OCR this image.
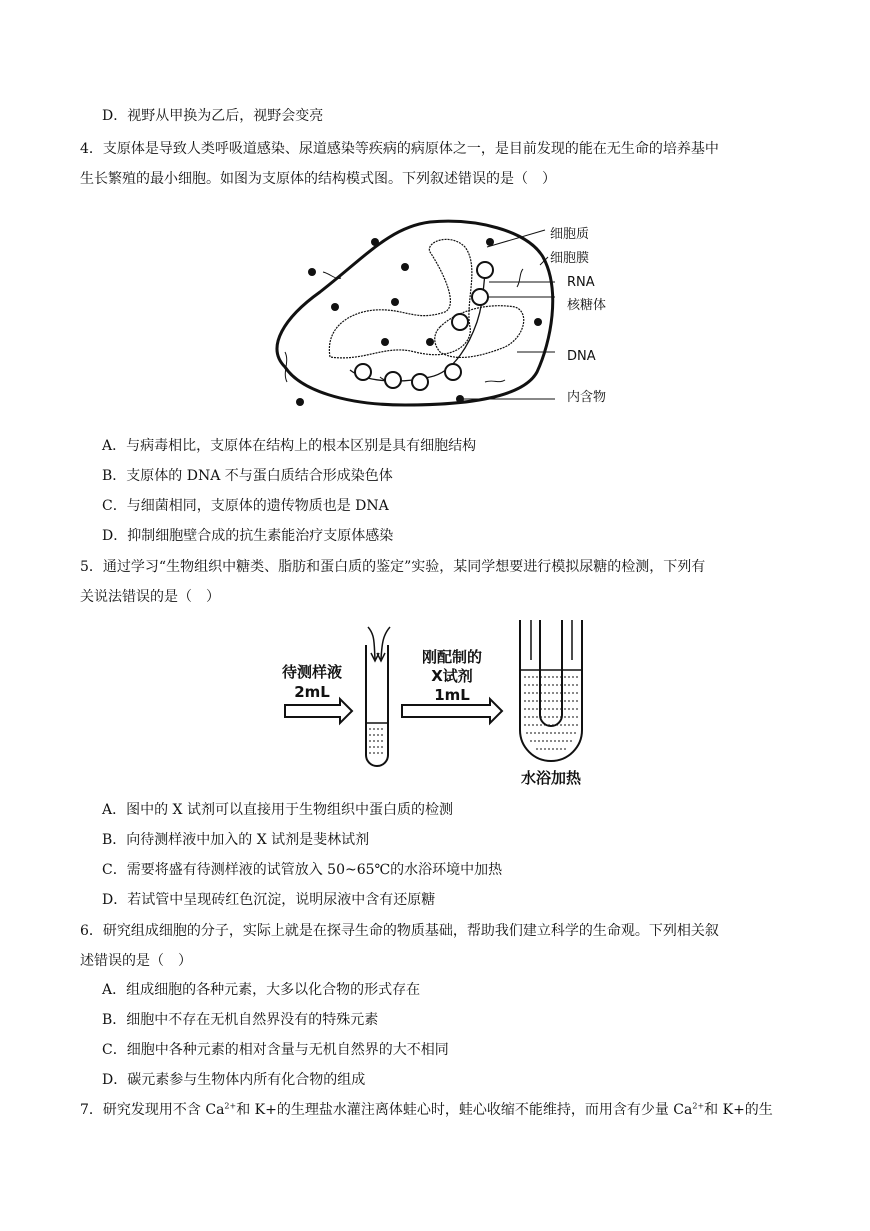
D．视野从甲换为乙后，视野会变亮
4．支原体是导致人类呼吸道感染、尿道感染等疾病的病原体之一，是目前发现的能在无生命的培养基中
生长繁殖的最小细胞。如图为支原体的结构模式图。下列叙述错误的是（　）
细胞质
细胞膜
RNA
核糖体
DNA
内含物
A．与病毒相比，支原体在结构上的根本区别是具有细胞结构
B．支原体的 DNA 不与蛋白质结合形成染色体
C．与细菌相同，支原体的遗传物质也是 DNA
D．抑制细胞壁合成的抗生素能治疗支原体感染
5．通过学习“生物组织中糖类、脂肪和蛋白质的鉴定”实验，某同学想要进行模拟尿糖的检测，下列有
关说法错误的是（　）
待测样液
2mL
刚配制的
X试剂
1mL
水浴加热
A．图中的 X 试剂可以直接用于生物组织中蛋白质的检测
B．向待测样液中加入的 X 试剂是斐林试剂
C．需要将盛有待测样液的试管放入 50~65℃的水浴环境中加热
D．若试管中呈现砖红色沉淀，说明尿液中含有还原糖
6．研究组成细胞的分子，实际上就是在探寻生命的物质基础，帮助我们建立科学的生命观。下列相关叙
述错误的是（　）
A．组成细胞的各种元素，大多以化合物的形式存在
B．细胞中不存在无机自然界没有的特殊元素
C．细胞中各种元素的相对含量与无机自然界的大不相同
D．碳元素参与生物体内所有化合物的组成
7．研究发现用不含 $Ca^{2+}$和 K+的生理盐水灌注离体蛙心时，蛙心收缩不能维持，而用含有少量 $Ca^{2+}$和 K+的生
